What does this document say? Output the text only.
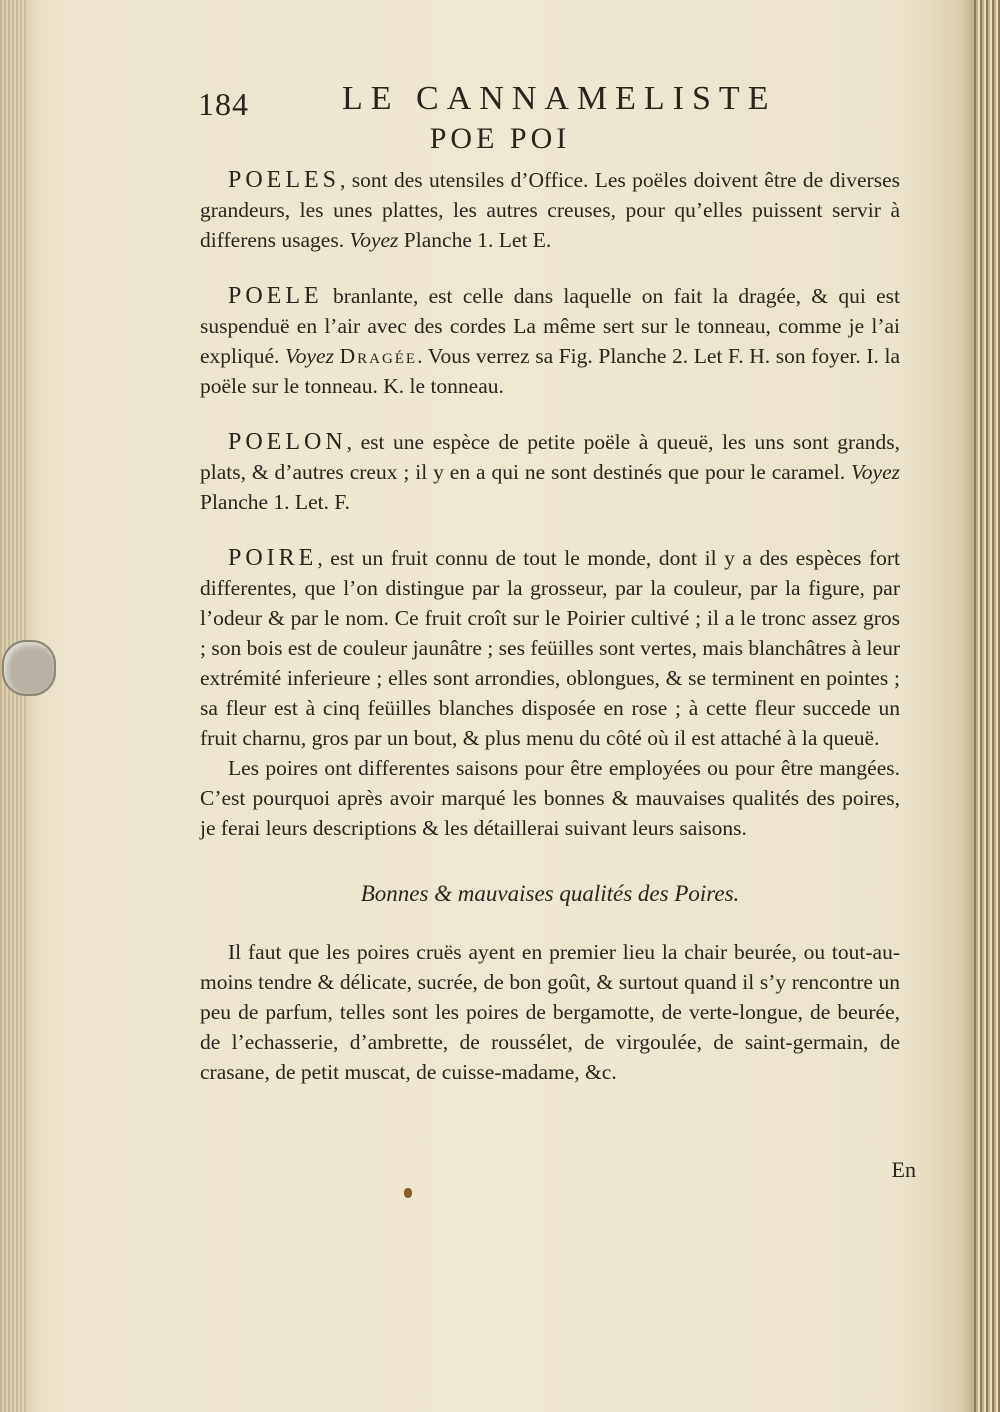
184	LE CANNAMELISTE
POE POI

POELES, sont des utensiles d’Office. Les poëles doivent être de diverses grandeurs, les unes plattes, les autres creuses, pour qu’elles puissent servir à differens usages. Voyez Planche 1. Let E.

POELE branlante, est celle dans laquelle on fait la dragée, & qui est suspenduë en l’air avec des cordes La même sert sur le tonneau, comme je l’ai expliqué. Voyez Dragée. Vous verrez sa Fig. Planche 2. Let F. H. son foyer. I. la poële sur le tonneau. K. le tonneau.

POELON, est une espèce de petite poële à queuë, les uns sont grands, plats, & d’autres creux ; il y en a qui ne sont destinés que pour le caramel. Voyez Planche 1. Let. F.

POIRE, est un fruit connu de tout le monde, dont il y a des espèces fort differentes, que l’on distingue par la grosseur, par la couleur, par la figure, par l’odeur & par le nom. Ce fruit croît sur le Poirier cultivé ; il a le tronc assez gros ; son bois est de couleur jaunâtre ; ses feüilles sont vertes, mais blanchâtres à leur extrémité inferieure ; elles sont arrondies, oblongues, & se terminent en pointes ; sa fleur est à cinq feüilles blanches disposée en rose ; à cette fleur succede un fruit charnu, gros par un bout, & plus menu du côté où il est attaché à la queuë.

Les poires ont differentes saisons pour être employées ou pour être mangées. C’est pourquoi après avoir marqué les bonnes & mauvaises qualités des poires, je ferai leurs descriptions & les détaillerai suivant leurs saisons.

Bonnes & mauvaises qualités des Poires.

Il faut que les poires cruës ayent en premier lieu la chair beurée, ou tout-au-moins tendre & délicate, sucrée, de bon goût, & surtout quand il s’y rencontre un peu de parfum, telles sont les poires de bergamotte, de verte-longue, de beurée, de l’echasserie, d’ambrette, de roussélet, de virgoulée, de saint-germain, de crasane, de petit muscat, de cuisse-madame, &c.

En
